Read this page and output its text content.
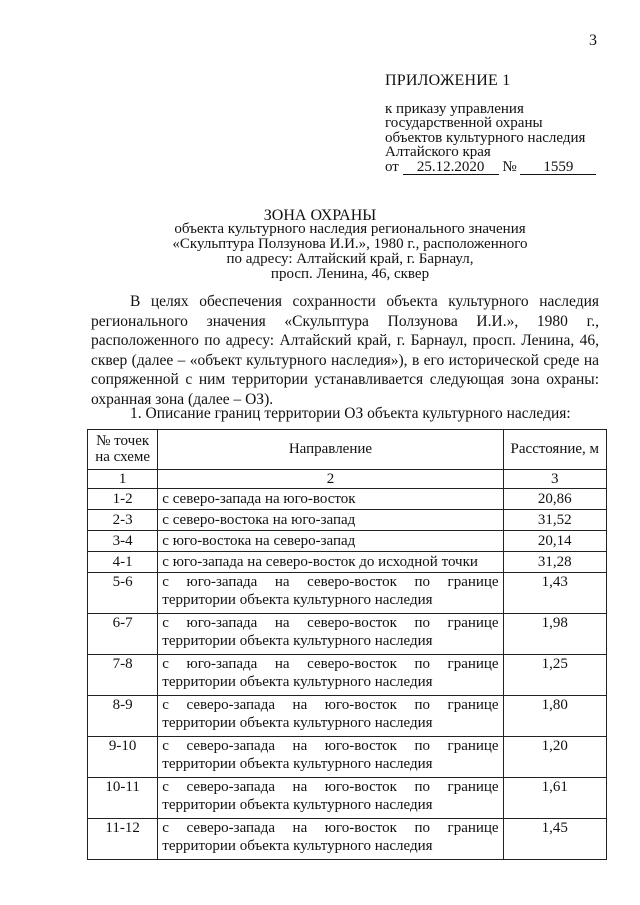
3
ПРИЛОЖЕНИЕ 1
к приказу управления
государственной охраны
объектов культурного наследия
Алтайского края
от 25.12.2020 № 1559
ЗОНА ОХРАНЫ
объекта культурного наследия регионального значения
«Скульптура Ползунова И.И.», 1980 г., расположенного
по адресу: Алтайский край, г. Барнаул,
просп. Ленина, 46, сквер
В целях обеспечения сохранности объекта культурного наследия регионального значения «Скульптура Ползунова И.И.», 1980 г., расположенного по адресу: Алтайский край, г. Барнаул, просп. Ленина, 46, сквер (далее – «объект культурного наследия»), в его исторической среде на сопряженной с ним территории устанавливается следующая зона охраны: охранная зона (далее – ОЗ).
1. Описание границ территории ОЗ объекта культурного наследия:
№ точек на схеме	Направление	Расстояние, м
1	2	3
1-2	с северо-запада на юго-восток	20,86
2-3	с северо-востока на юго-запад	31,52
3-4	с юго-востока на северо-запад	20,14
4-1	с юго-запада на северо-восток до исходной точки	31,28
5-6	с юго-запада на северо-восток по границе территории объекта культурного наследия	1,43
6-7	с юго-запада на северо-восток по границе территории объекта культурного наследия	1,98
7-8	с юго-запада на северо-восток по границе территории объекта культурного наследия	1,25
8-9	с северо-запада на юго-восток по границе территории объекта культурного наследия	1,80
9-10	с северо-запада на юго-восток по границе территории объекта культурного наследия	1,20
10-11	с северо-запада на юго-восток по границе территории объекта культурного наследия	1,61
11-12	с северо-запада на юго-восток по границе территории объекта культурного наследия	1,45
